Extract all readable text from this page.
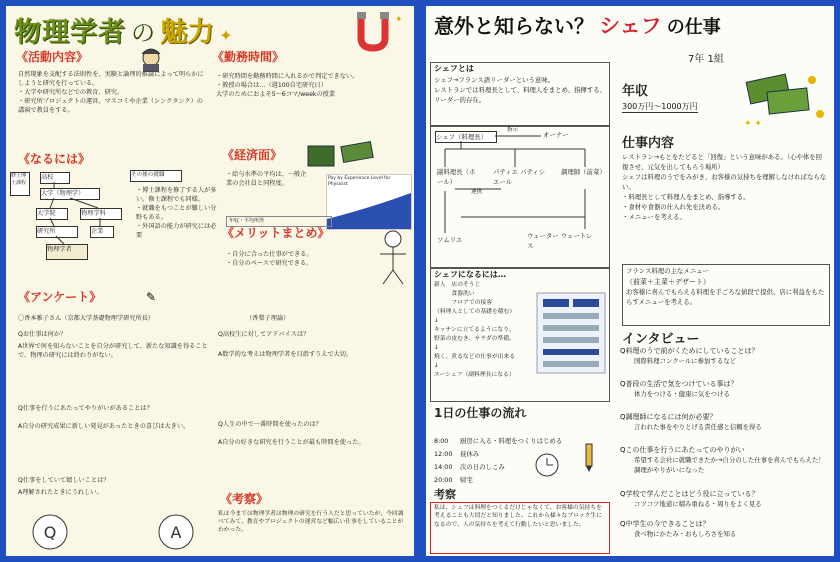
物理学者 の 魅力 ✦
✦
《活動内容》
自然現象を支配する法則性を、実験と論理的推論によって明らかにしようと研究を行っている。
・大学や研究所などでの教育、研究。
・研究所プロジェクトの運営、マスコミや企業（シンクタンク）の講演で教員をする。
《勤務時間》
・研究時間を勤務時間に入れるかで判定できない。
・教授の場合は…（週100自宅研究日）
大学のためにおよそ5〜6コマ/weekの授業
《なるには》
修士博士課程
高校
大学（物理学）
大学院	物理学科
企業
研究所
物理学者
その後の就職
・博士課程を修了する人が多い。修士課程でも同様。
・就職をもつことが難しい分野もある。
・外国語の能力が研究には必要
《経済面》
・給与水準の平均は、一般企業の会社員と同程度。
Pay by Experience Level for Physicist
年収・平均所得
《メリットまとめ》
・自分に合った仕事ができる。
・自分のペースで研究できる。
《アンケート》	✎
〇香本雅子さん（京都大学基礎物理学研究所長）	（香梨子理論）
Qお仕事は何か？
A世界で何を知らないことを自分が研究して、新たな知識を得ることで、物理の研究には終わりがない。
Q仕事を行うにあたってやりがいがあることは？
A自分の研究成果に新しい発見があったときの喜びは大きい。
Q仕事をしていて嬉しいことは？
A理解されたときにうれしい。
Q高校生に対してアドバイスは？
A数学的な考えは物理学者を目指すうえで大切。
Q人生の中で一番時間を使ったのは？
A自分の好きな研究を行うことが最も時間を使った。
《考察》
私は今までは物理学者は物理の研究を行う人だと思っていたが、今回調べてみて、教育やプロジェクトの運営など幅広い仕事をしていることがわかった。
Q	A
意外と知らない？ シェフ の仕事
7年 1組
シェフとは
シェフ→フランス語リーダーという意味。
レストランでは料理長として、料理人をまとめ、指揮する、リーダー的存在。
年収
300万円〜1000万円
✦ ✦
シェフ（料理長）	オーナー
指示
副料理長（ホール）
パティエ パティシエール
調理師（前菜）
連携
ソムリエ	ウェーター ウェートレス
仕事内容
レストラン→もとをたどると「回復」という意味がある。（心や体を回復させ、元気を出してもらう場所）
シェフは料理のうでをみがき、お客様の気持ちを理解しなければならない。
・料理長として料理人をまとめ、指導する。
・食材や食器の仕入れ先を決める。
・メニューを考える。
シェフになるには…
新人　店のそうじ
　　　食器洗い
　　　フロアでの接客
（料理人としての基礎を積む）
↓
キッチンに立てるようになり、
野菜の皮むき、サラダの準備。
↓
焼く、煮るなどの仕事が出来る
↓
スーシェフ（副料理長になる）
フランス料理の主なメニュー
（前菜＋主菜＋デザート）
お客様に喜んでもらえる料理を手ごろな値段で提供、店に利益をもたらすメニューを考える。
インタビュー
Q料理のうで前がくためにしていることは？
国際料理コンクールに参加するなど
Q普段の生活で気をつけている事は？
体力をつける・健康に気をつける
Q調理師になるには何が必要？
言われた事をやりとげる責任感と信頼を得る
Qこの仕事を行うにあたってのやりがい
希望する会社に就職できたか→自分のした仕事を喜んでもらえた！調理がやりがいになった
Q学校で学んだことはどう役に立っている？
コツコツ地道に積み重ねる・周りをよく見る
Q中学生の今できることは？
食べ物にかたみ・おもしろさを知る
1日の仕事の流れ

8:00 厨房に入る・料理をつくりはじめる

12:00 昼休み

14:00 次の日のしこみ

20:00 帰宅

考察
私は、シェフは料理をつくるだけじゃなくて、お客様の気持ちを考えることも大切だと知りました。これから様々なブロック生になるので、人の気持ちを考えて行動したいと思いました。
